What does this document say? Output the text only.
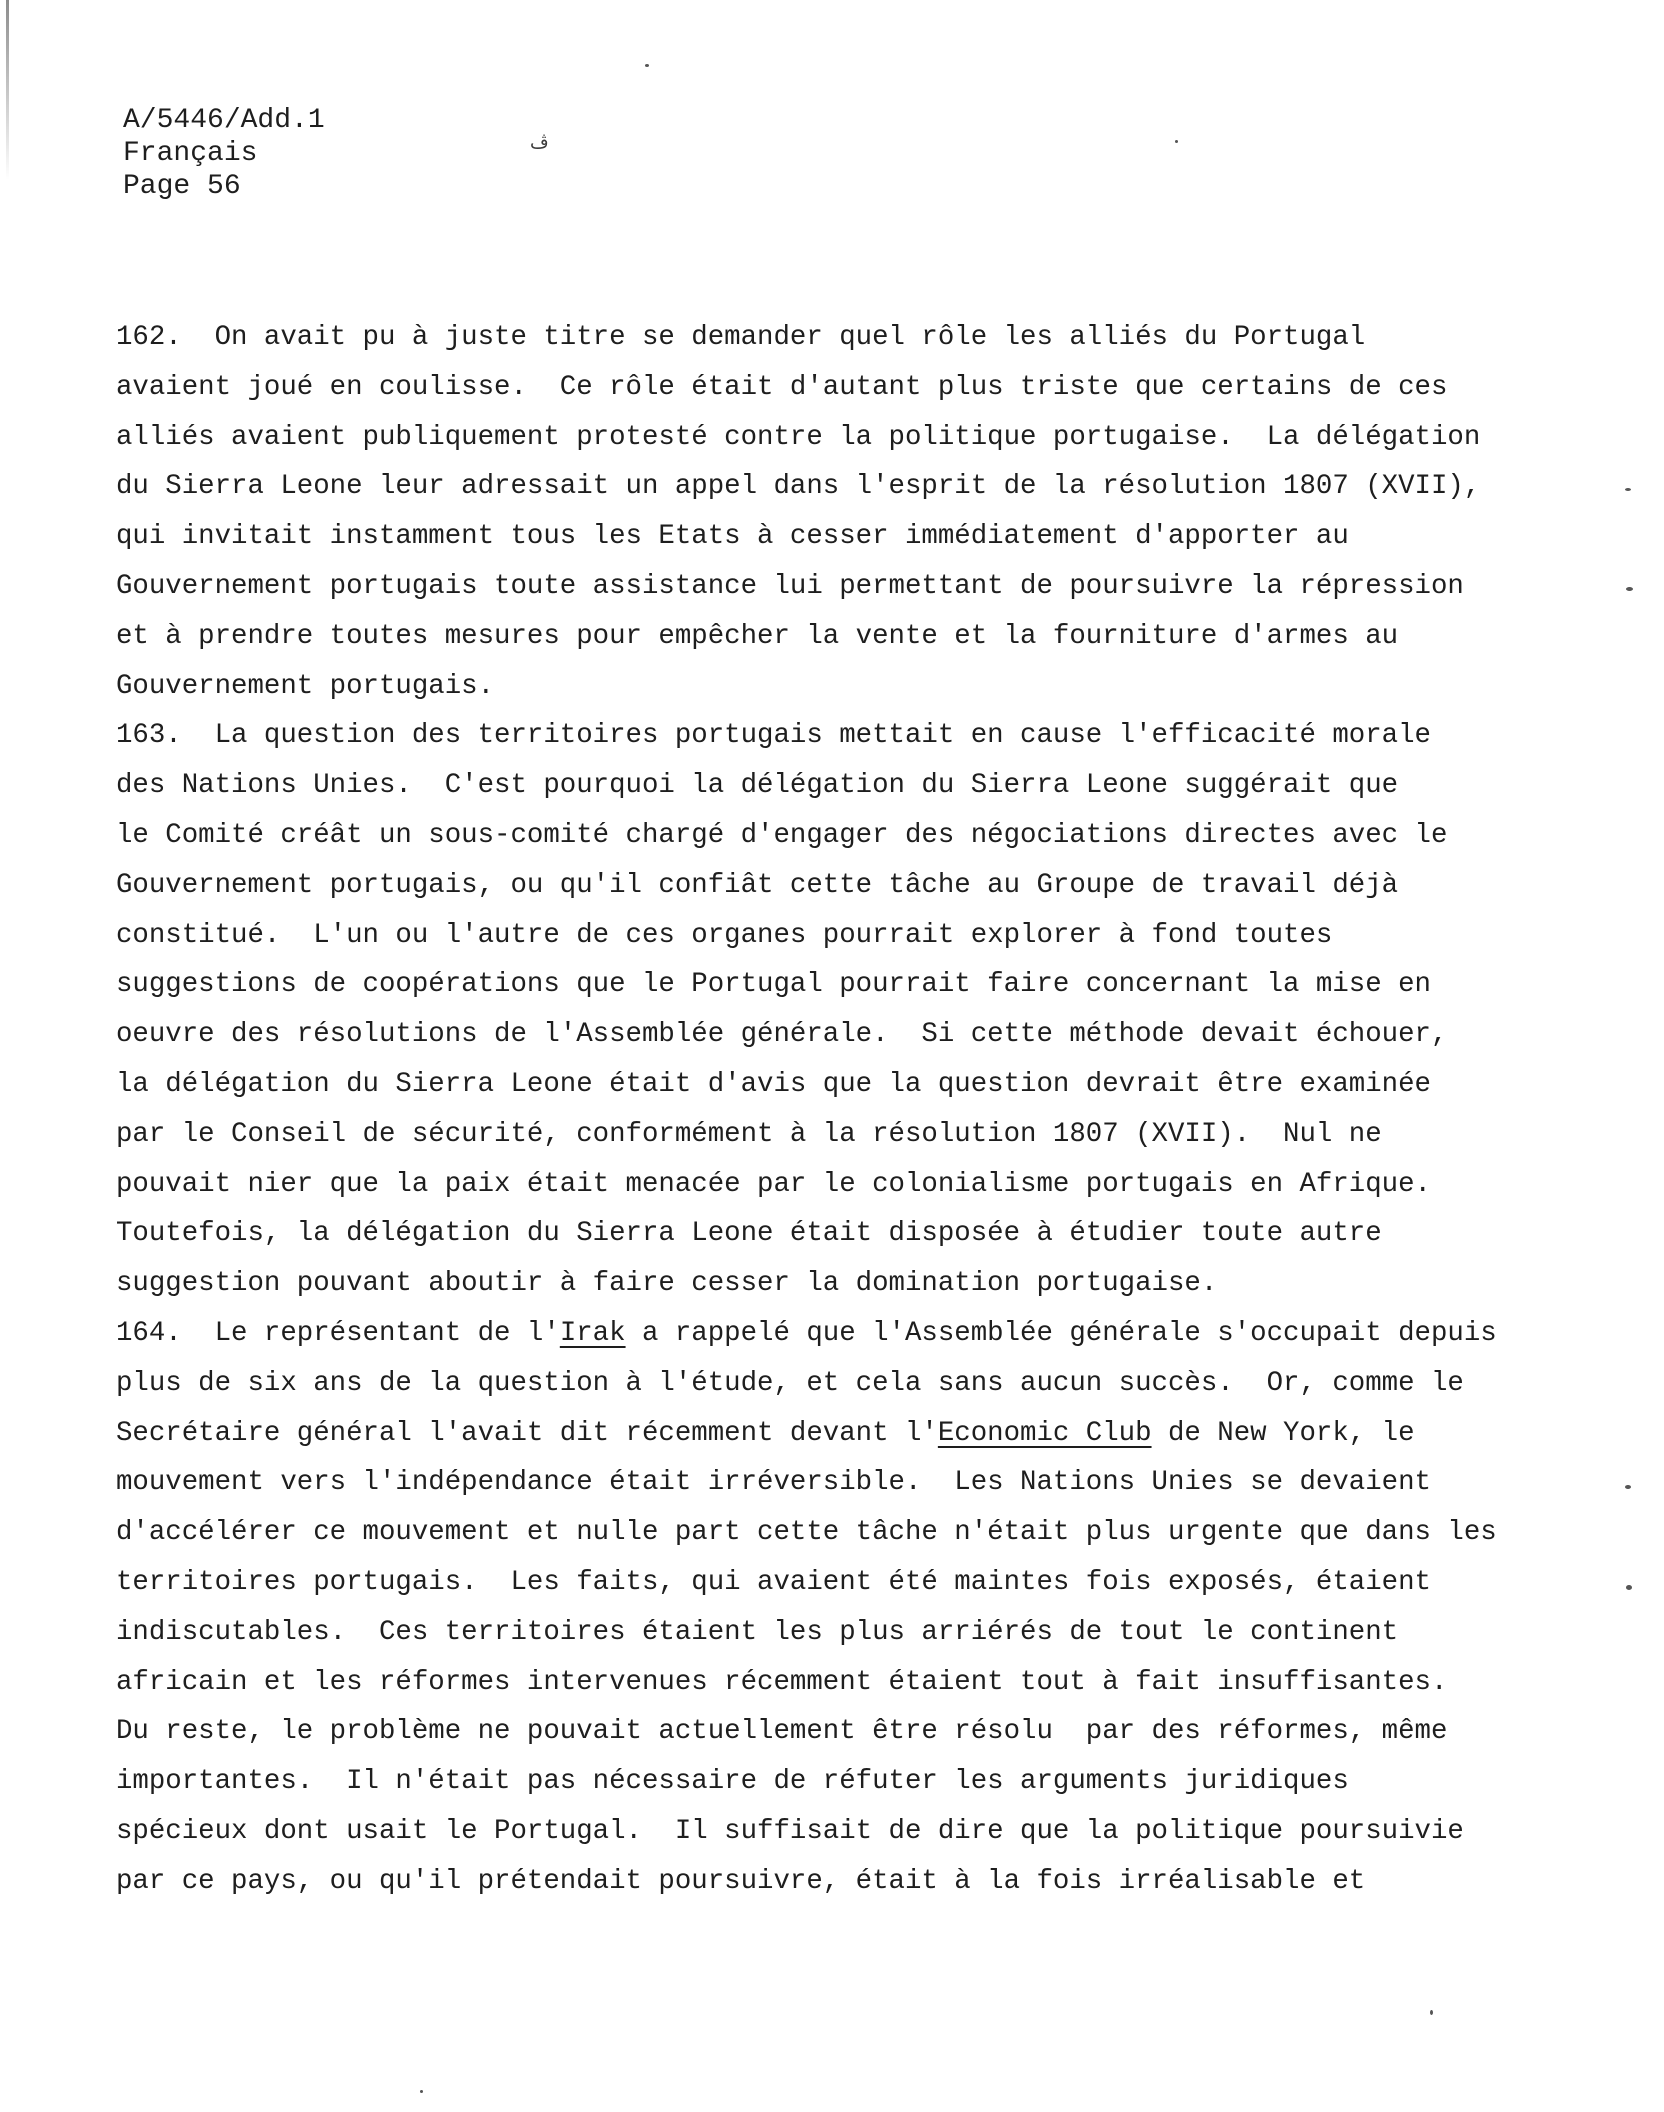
ڤ
A/5446/Add.1
Français
Page 56
162.  On avait pu à juste titre se demander quel rôle les alliés du Portugal
avaient joué en coulisse.  Ce rôle était d'autant plus triste que certains de ces
alliés avaient publiquement protesté contre la politique portugaise.  La délégation
du Sierra Leone leur adressait un appel dans l'esprit de la résolution 1807 (XVII),
qui invitait instamment tous les Etats à cesser immédiatement d'apporter au
Gouvernement portugais toute assistance lui permettant de poursuivre la répression
et à prendre toutes mesures pour empêcher la vente et la fourniture d'armes au
Gouvernement portugais.
163.  La question des territoires portugais mettait en cause l'efficacité morale
des Nations Unies.  C'est pourquoi la délégation du Sierra Leone suggérait que
le Comité créât un sous-comité chargé d'engager des négociations directes avec le
Gouvernement portugais, ou qu'il confiât cette tâche au Groupe de travail déjà
constitué.  L'un ou l'autre de ces organes pourrait explorer à fond toutes
suggestions de coopérations que le Portugal pourrait faire concernant la mise en
oeuvre des résolutions de l'Assemblée générale.  Si cette méthode devait échouer,
la délégation du Sierra Leone était d'avis que la question devrait être examinée
par le Conseil de sécurité, conformément à la résolution 1807 (XVII).  Nul ne
pouvait nier que la paix était menacée par le colonialisme portugais en Afrique.
Toutefois, la délégation du Sierra Leone était disposée à étudier toute autre
suggestion pouvant aboutir à faire cesser la domination portugaise.
164.  Le représentant de l'Irak a rappelé que l'Assemblée générale s'occupait depuis
plus de six ans de la question à l'étude, et cela sans aucun succès.  Or, comme le
Secrétaire général l'avait dit récemment devant l'Economic Club de New York, le
mouvement vers l'indépendance était irréversible.  Les Nations Unies se devaient
d'accélérer ce mouvement et nulle part cette tâche n'était plus urgente que dans les
territoires portugais.  Les faits, qui avaient été maintes fois exposés, étaient
indiscutables.  Ces territoires étaient les plus arriérés de tout le continent
africain et les réformes intervenues récemment étaient tout à fait insuffisantes.
Du reste, le problème ne pouvait actuellement être résolu  par des réformes, même
importantes.  Il n'était pas nécessaire de réfuter les arguments juridiques
spécieux dont usait le Portugal.  Il suffisait de dire que la politique poursuivie
par ce pays, ou qu'il prétendait poursuivre, était à la fois irréalisable et
